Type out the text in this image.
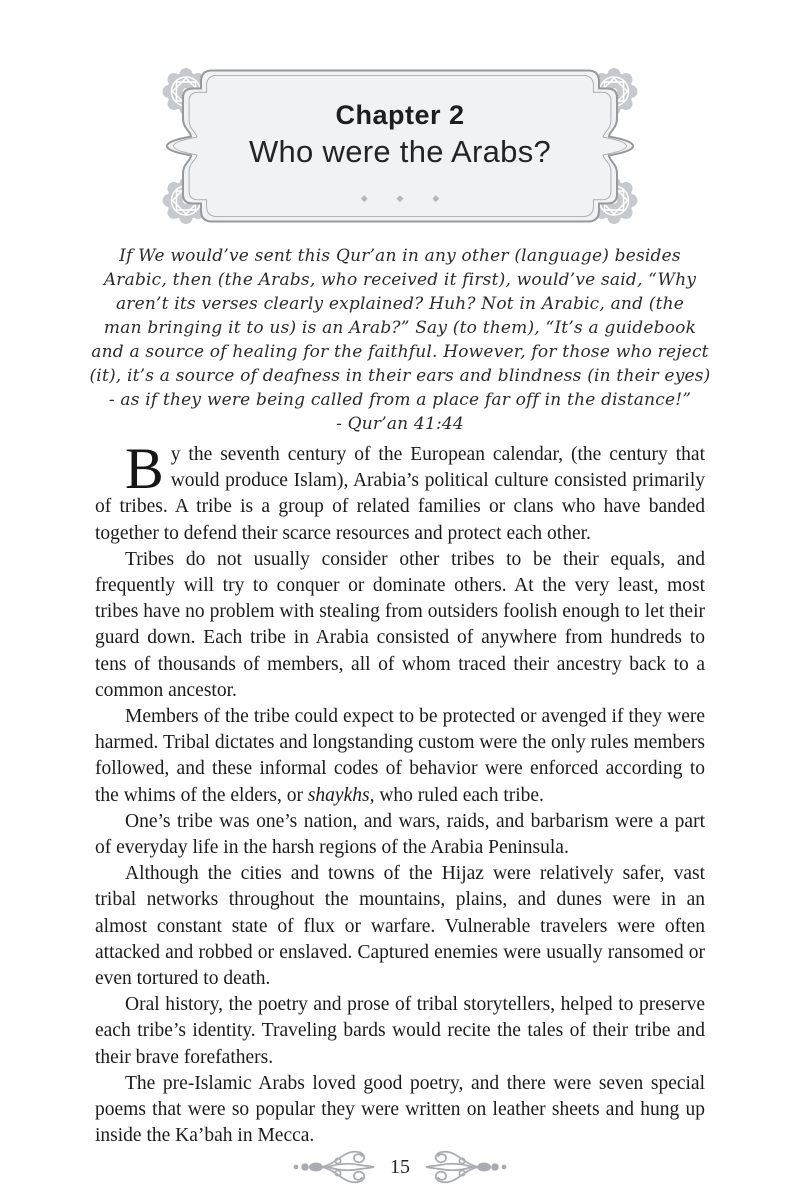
Chapter 2
Who were the Arabs?
◆ ◆ ◆
If We would’ve sent this Qur’an in any other (language) besides
Arabic, then (the Arabs, who received it first), would’ve said, “Why
aren’t its verses clearly explained? Huh? Not in Arabic, and (the
man bringing it to us) is an Arab?” Say (to them), “It’s a guidebook
and a source of healing for the faithful. However, for those who reject
(it), it’s a source of deafness in their ears and blindness (in their eyes)
- as if they were being called from a place far off in the distance!”
- Qur’an 41:44

By the seventh century of the European calendar, (the century that would produce Islam), Arabia’s political culture consisted primarily of tribes. A tribe is a group of related families or clans who have banded together to defend their scarce resources and protect each other.

Tribes do not usually consider other tribes to be their equals, and frequently will try to conquer or dominate others. At the very least, most tribes have no problem with stealing from outsiders foolish enough to let their guard down. Each tribe in Arabia consisted of anywhere from hundreds to tens of thousands of members, all of whom traced their ancestry back to a common ancestor.

Members of the tribe could expect to be protected or avenged if they were harmed. Tribal dictates and longstanding custom were the only rules members followed, and these informal codes of behavior were enforced according to the whims of the elders, or shaykhs, who ruled each tribe.

One’s tribe was one’s nation, and wars, raids, and barbarism were a part of everyday life in the harsh regions of the Arabia Peninsula.

Although the cities and towns of the Hijaz were relatively safer, vast tribal networks throughout the mountains, plains, and dunes were in an almost constant state of flux or warfare. Vulnerable travelers were often attacked and robbed or enslaved. Captured enemies were usually ransomed or even tortured to death.

Oral history, the poetry and prose of tribal storytellers, helped to preserve each tribe’s identity. Traveling bards would recite the tales of their tribe and their brave forefathers.

The pre-Islamic Arabs loved good poetry, and there were seven special poems that were so popular they were written on leather sheets and hung up inside the Ka’bah in Mecca.

15
